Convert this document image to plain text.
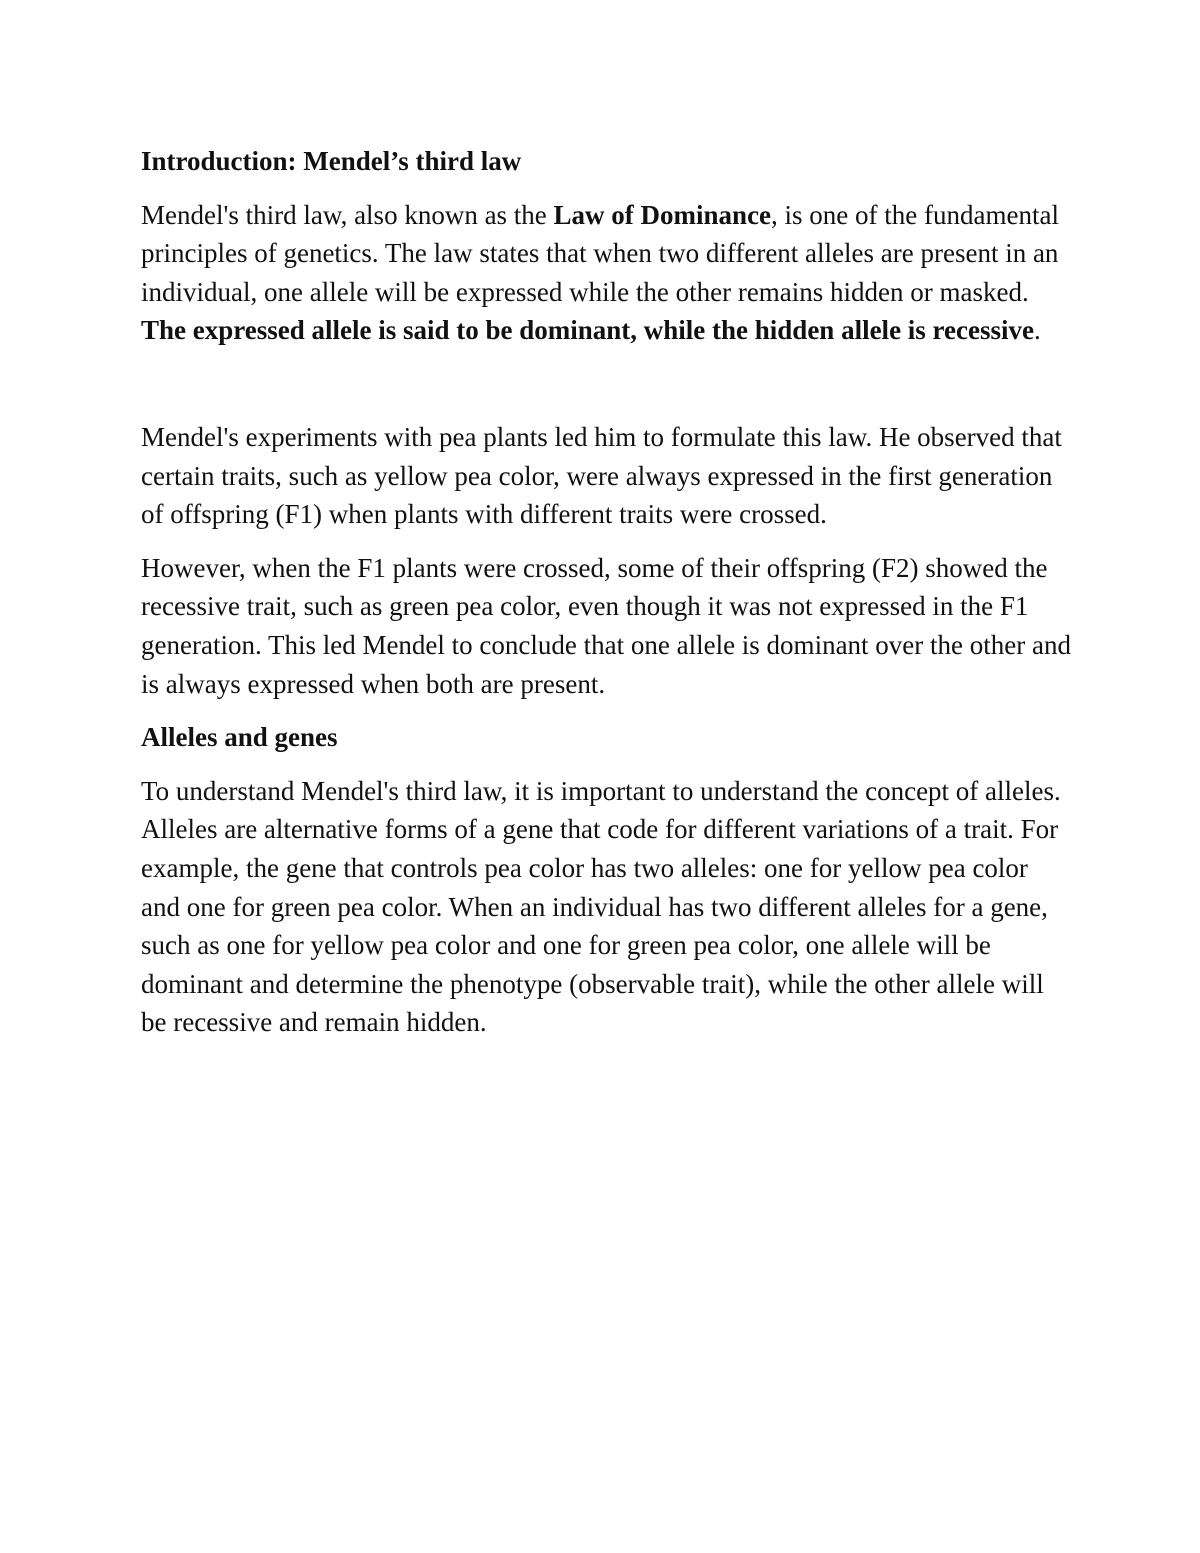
Introduction: Mendel’s third law

Mendel's third law, also known as the Law of Dominance, is one of the fundamental principles of genetics. The law states that when two different alleles are present in an individual, one allele will be expressed while the other remains hidden or masked. The expressed allele is said to be dominant, while the hidden allele is recessive.

Mendel's experiments with pea plants led him to formulate this law. He observed that certain traits, such as yellow pea color, were always expressed in the first generation of offspring (F1) when plants with different traits were crossed.

However, when the F1 plants were crossed, some of their offspring (F2) showed the recessive trait, such as green pea color, even though it was not expressed in the F1 generation. This led Mendel to conclude that one allele is dominant over the other and is always expressed when both are present.

Alleles and genes

To understand Mendel's third law, it is important to understand the concept of alleles. Alleles are alternative forms of a gene that code for different variations of a trait. For example, the gene that controls pea color has two alleles: one for yellow pea color and one for green pea color. When an individual has two different alleles for a gene, such as one for yellow pea color and one for green pea color, one allele will be dominant and determine the phenotype (observable trait), while the other allele will be recessive and remain hidden.
